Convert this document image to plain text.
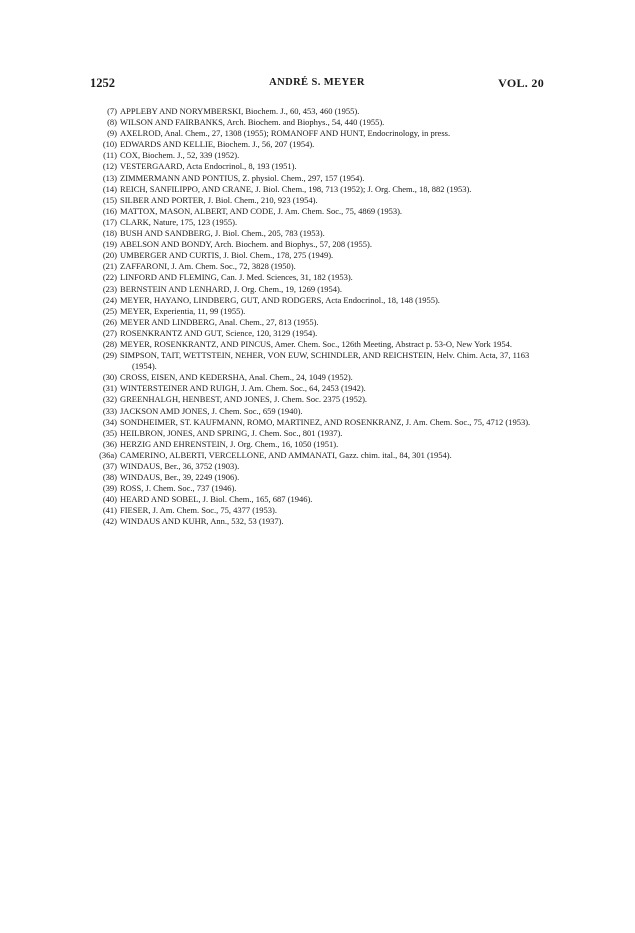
1252	ANDRÉ S. MEYER	VOL. 20
(7) APPLEBY AND NORYMBERSKI, Biochem. J., 60, 453, 460 (1955).
(8) WILSON AND FAIRBANKS, Arch. Biochem. and Biophys., 54, 440 (1955).
(9) AXELROD, Anal. Chem., 27, 1308 (1955); ROMANOFF AND HUNT, Endocrinology, in press.
(10) EDWARDS AND KELLIE, Biochem. J., 56, 207 (1954).
(11) COX, Biochem. J., 52, 339 (1952).
(12) VESTERGAARD, Acta Endocrinol., 8, 193 (1951).
(13) ZIMMERMANN AND PONTIUS, Z. physiol. Chem., 297, 157 (1954).
(14) REICH, SANFILIPPO, AND CRANE, J. Biol. Chem., 198, 713 (1952); J. Org. Chem., 18, 882 (1953).
(15) SILBER AND PORTER, J. Biol. Chem., 210, 923 (1954).
(16) MATTOX, MASON, ALBERT, AND CODE, J. Am. Chem. Soc., 75, 4869 (1953).
(17) CLARK, Nature, 175, 123 (1955).
(18) BUSH AND SANDBERG, J. Biol. Chem., 205, 783 (1953).
(19) ABELSON AND BONDY, Arch. Biochem. and Biophys., 57, 208 (1955).
(20) UMBERGER AND CURTIS, J. Biol. Chem., 178, 275 (1949).
(21) ZAFFARONI, J. Am. Chem. Soc., 72, 3828 (1950).
(22) LINFORD AND FLEMING, Can. J. Med. Sciences, 31, 182 (1953).
(23) BERNSTEIN AND LENHARD, J. Org. Chem., 19, 1269 (1954).
(24) MEYER, HAYANO, LINDBERG, GUT, AND RODGERS, Acta Endocrinol., 18, 148 (1955).
(25) MEYER, Experientia, 11, 99 (1955).
(26) MEYER AND LINDBERG, Anal. Chem., 27, 813 (1955).
(27) ROSENKRANTZ AND GUT, Science, 120, 3129 (1954).
(28) MEYER, ROSENKRANTZ, AND PINCUS, Amer. Chem. Soc., 126th Meeting, Abstract p. 53-O, New York 1954.
(29) SIMPSON, TAIT, WETTSTEIN, NEHER, VON EUW, SCHINDLER, AND REICHSTEIN, Helv. Chim. Acta, 37, 1163 (1954).
(30) CROSS, EISEN, AND KEDERSHA, Anal. Chem., 24, 1049 (1952).
(31) WINTERSTEINER AND RUIGH, J. Am. Chem. Soc., 64, 2453 (1942).
(32) GREENHALGH, HENBEST, AND JONES, J. Chem. Soc. 2375 (1952).
(33) JACKSON AMD JONES, J. Chem. Soc., 659 (1940).
(34) SONDHEIMER, ST. KAUFMANN, ROMO, MARTINEZ, AND ROSENKRANZ, J. Am. Chem. Soc., 75, 4712 (1953).
(35) HEILBRON, JONES, AND SPRING, J. Chem. Soc., 801 (1937).
(36) HERZIG AND EHRENSTEIN, J. Org. Chem., 16, 1050 (1951).
(36a) CAMERINO, ALBERTI, VERCELLONE, AND AMMANATI, Gazz. chim. ital., 84, 301 (1954).
(37) WINDAUS, Ber., 36, 3752 (1903).
(38) WINDAUS, Ber., 39, 2249 (1906).
(39) ROSS, J. Chem. Soc., 737 (1946).
(40) HEARD AND SOBEL, J. Biol. Chem., 165, 687 (1946).
(41) FIESER, J. Am. Chem. Soc., 75, 4377 (1953).
(42) WINDAUS AND KUHR, Ann., 532, 53 (1937).
